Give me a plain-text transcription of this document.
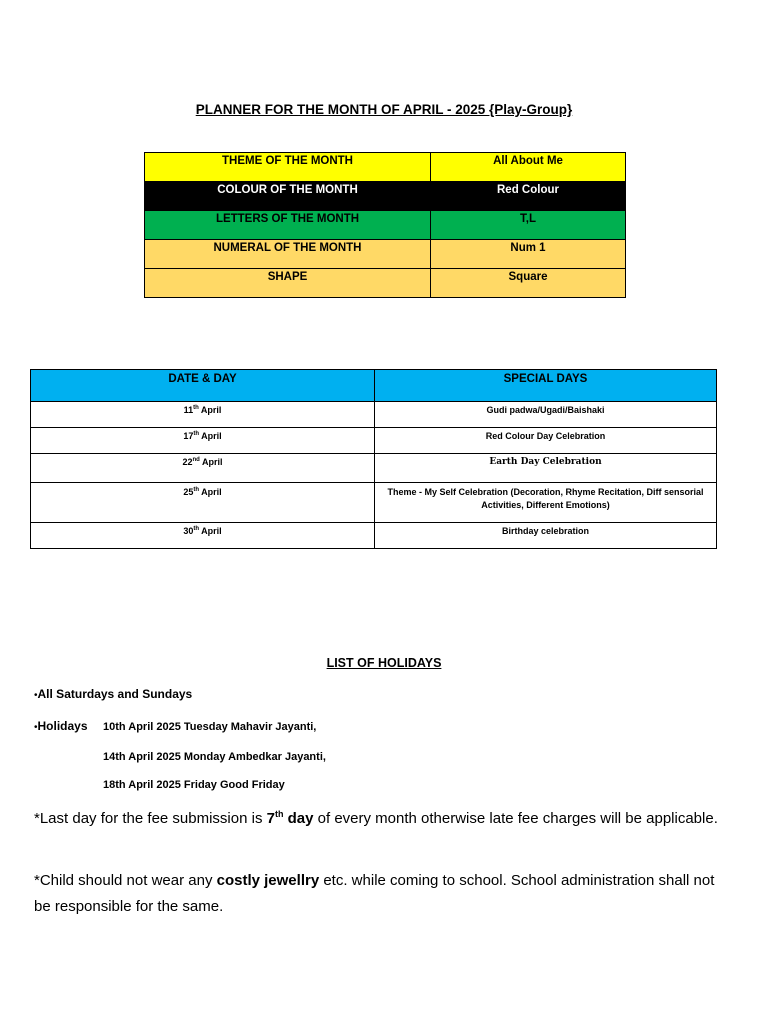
PLANNER FOR THE MONTH OF APRIL - 2025 {Play-Group}
THEME OF THE MONTH	All About Me
COLOUR OF THE MONTH	Red Colour
LETTERS OF THE MONTH	T,L
NUMERAL OF THE MONTH	Num 1
SHAPE	Square
DATE & DAY	SPECIAL DAYS
11th April	Gudi padwa/Ugadi/Baishaki
17th April	Red Colour Day Celebration
22nd April	Earth Day Celebration
25th April	Theme - My Self Celebration (Decoration, Rhyme Recitation, Diff sensorial Activities, Different Emotions)
30th April	Birthday celebration
LIST OF HOLIDAYS
•All Saturdays and Sundays
•Holidays 10th April 2025 Tuesday Mahavir Jayanti,
14th April 2025 Monday Ambedkar Jayanti,
18th April 2025 Friday Good Friday
*Last day for the fee submission is 7th day of every month otherwise late fee charges will be applicable.
*Child should not wear any costly jewellry etc. while coming to school. School administration shall not be responsible for the same.
